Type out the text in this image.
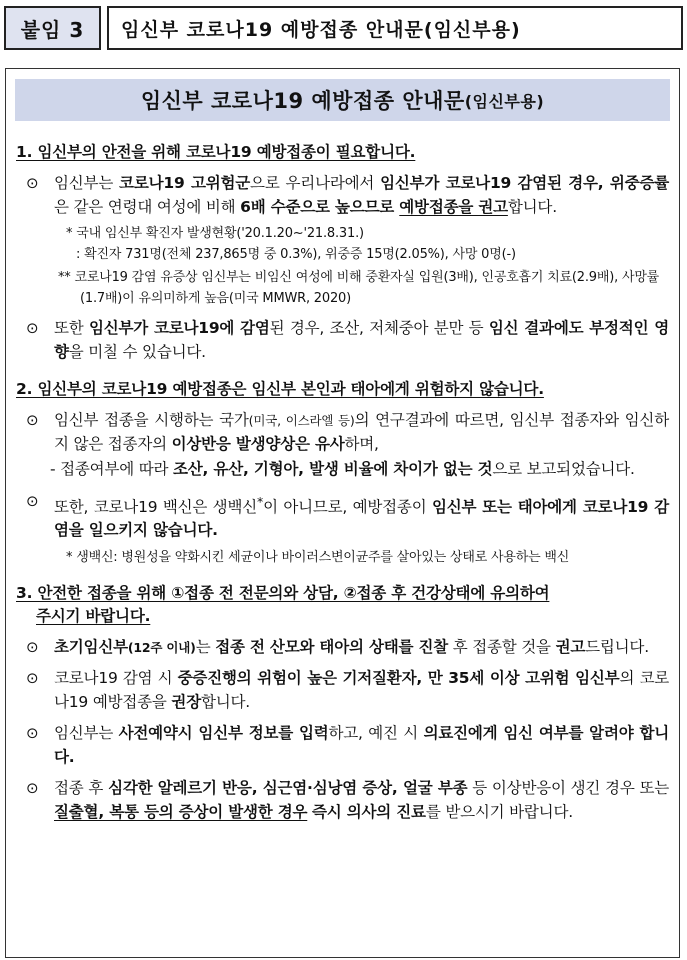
붙임 3	임신부 코로나19 예방접종 안내문(임신부용)
임신부 코로나19 예방접종 안내문 (임신부용)
1. 임신부의 안전을 위해 코로나19 예방접종이 필요합니다.
⊙ 임신부는 코로나19 고위험군으로 우리나라에서 임신부가 코로나19 감염된 경우, 위중증률은 같은 연령대 여성에 비해 6배 수준으로 높으므로 예방접종을 권고합니다.
* 국내 임신부 확진자 발생현황('20.1.20~'21.8.31.)
: 확진자 731명(전체 237,865명 중 0.3%), 위중증 15명(2.05%), 사망 0명(-)
** 코로나19 감염 유증상 임신부는 비임신 여성에 비해 중환자실 입원(3배), 인공호흡기 치료(2.9배), 사망률(1.7배)이 유의미하게 높음(미국 MMWR, 2020)
⊙ 또한 임신부가 코로나19에 감염된 경우, 조산, 저체중아 분만 등 임신 결과에도 부정적인 영향을 미칠 수 있습니다.
2. 임신부의 코로나19 예방접종은 임신부 본인과 태아에게 위험하지 않습니다.
⊙ 임신부 접종을 시행하는 국가(미국, 이스라엘 등)의 연구결과에 따르면, 임신부 접종자와 임신하지 않은 접종자의 이상반응 발생양상은 유사하며,
- 접종여부에 따라 조산, 유산, 기형아, 발생 비율에 차이가 없는 것으로 보고되었습니다.
⊙ 또한, 코로나19 백신은 생백신*이 아니므로, 예방접종이 임신부 또는 태아에게 코로나19 감염을 일으키지 않습니다.
* 생백신: 병원성을 약화시킨 세균이나 바이러스변이균주를 살아있는 상태로 사용하는 백신
3. 안전한 접종을 위해 ①접종 전 전문의와 상담, ②접종 후 건강상태에 유의하여
주시기 바랍니다.
⊙ 초기임신부(12주 이내)는 접종 전 산모와 태아의 상태를 진찰 후 접종할 것을 권고드립니다.
⊙ 코로나19 감염 시 중증진행의 위험이 높은 기저질환자, 만 35세 이상 고위험 임신부의 코로나19 예방접종을 권장합니다.
⊙ 임신부는 사전예약시 임신부 정보를 입력하고, 예진 시 의료진에게 임신 여부를 알려야 합니다.
⊙ 접종 후 심각한 알레르기 반응, 심근염·심낭염 증상, 얼굴 부종 등 이상반응이 생긴 경우 또는 질출혈, 복통 등의 증상이 발생한 경우 즉시 의사의 진료를 받으시기 바랍니다.
